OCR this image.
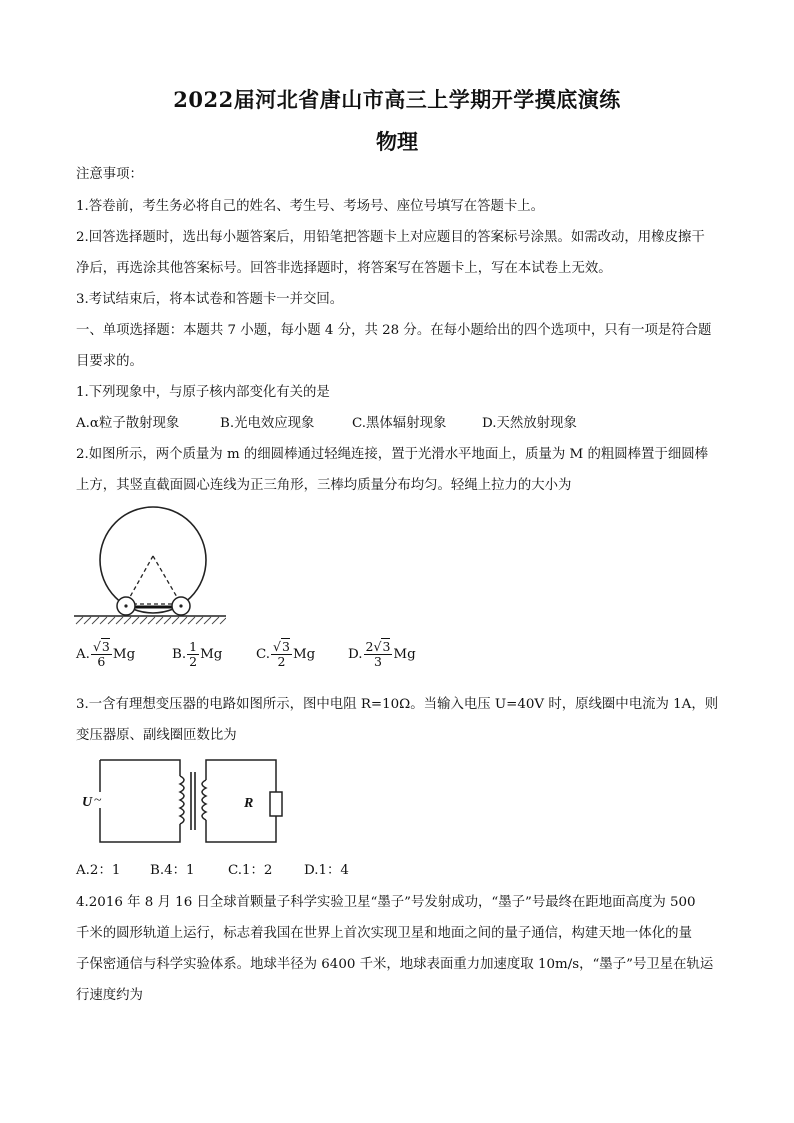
2022届河北省唐山市高三上学期开学摸底演练
物理
注意事项：
1.答卷前，考生务必将自己的姓名、考生号、考场号、座位号填写在答题卡上。
2.回答选择题时，选出每小题答案后，用铅笔把答题卡上对应题目的答案标号涂黑。如需改动，用橡皮擦干
净后，再选涂其他答案标号。回答非选择题时，将答案写在答题卡上，写在本试卷上无效。
3.考试结束后，将本试卷和答题卡一并交回。
一、单项选择题：本题共 7 小题，每小题 4 分，共 28 分。在每小题给出的四个选项中，只有一项是符合题
目要求的。
1.下列现象中，与原子核内部变化有关的是
A.α粒子散射现象	B.光电效应现象	C.黑体辐射现象	D.天然放射现象
2.如图所示，两个质量为 m 的细圆棒通过轻绳连接，置于光滑水平地面上，质量为 M 的粗圆棒置于细圆棒
上方，其竖直截面圆心连线为正三角形，三棒均质量分布均匀。轻绳上拉力的大小为
A. $\frac{√3}{6}$ Mg	B. $\frac{1}{2}$ Mg	C. $\frac{√3}{2}$ Mg D. $\frac{2√3}{3}$ Mg
3.一含有理想变压器的电路如图所示，图中电阻 R=10Ω。当输入电压 U=40V 时，原线圈中电流为 1A，则
变压器原、副线圈匝数比为
U ~	R
A.2：1 B.4：1 C.1：2 D.1：4
4.2016 年 8 月 16 日全球首颗量子科学实验卫星“墨子”号发射成功，“墨子”号最终在距地面高度为 500
千米的圆形轨道上运行，标志着我国在世界上首次实现卫星和地面之间的量子通信，构建天地一体化的量
子保密通信与科学实验体系。地球半径为 6400 千米，地球表面重力加速度取 10m/s，“墨子”号卫星在轨运
行速度约为
